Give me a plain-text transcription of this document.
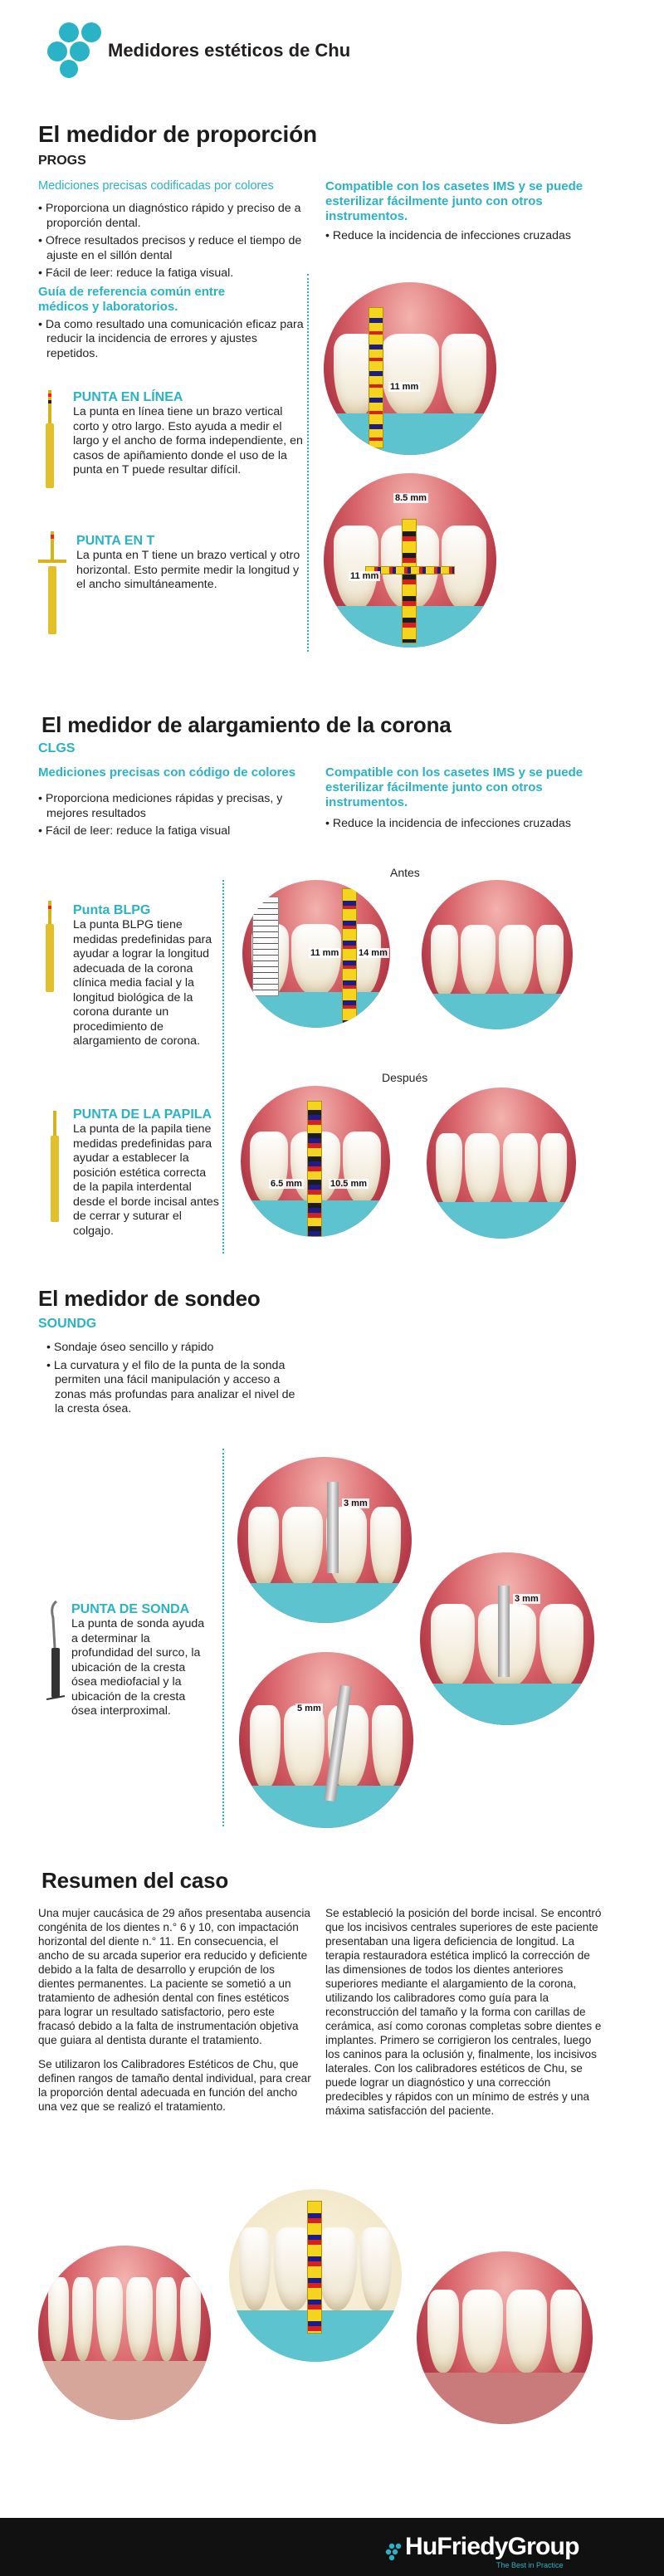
Medidores estéticos de Chu
El medidor de proporción
PROGS
Mediciones precisas codificadas por colores

• Proporciona un diagnóstico rápido y preciso de a proporción dental.

• Ofrece resultados precisos y reduce el tiempo de ajuste en el sillón dental

• Fácil de leer: reduce la fatiga visual.

Guía de referencia común entre médicos y laboratorios.

• Da como resultado una comunicación eficaz para reducir la incidencia de errores y ajustes repetidos.

Compatible con los casetes IMS y se puede esterilizar fácilmente junto con otros instrumentos.

• Reduce la incidencia de infecciones cruzadas

PUNTA EN LÍNEA
La punta en línea tiene un brazo vertical corto y otro largo. Esto ayuda a medir el largo y el ancho de forma independiente, en casos de apiñamiento donde el uso de la punta en T puede resultar difícil.
PUNTA EN T
La punta en T tiene un brazo vertical y otro horizontal. Esto permite medir la longitud y el ancho simultáneamente.
11 mm
8.5 mm
11 mm
El medidor de alargamiento de la corona
CLGS
Mediciones precisas con código de colores

• Proporciona mediciones rápidas y precisas, y mejores resultados

• Fácil de leer: reduce la fatiga visual

Compatible con los casetes IMS y se puede esterilizar fácilmente junto con otros instrumentos.

• Reduce la incidencia de infecciones cruzadas

Antes
Después
Punta BLPG
La punta BLPG tiene medidas predefinidas para ayudar a lograr la longitud adecuada de la corona clínica media facial y la longitud biológica de la corona durante un procedimiento de alargamiento de corona.
PUNTA DE LA PAPILA
La punta de la papila tiene medidas predefinidas para ayudar a establecer la posición estética correcta de la papila interdental desde el borde incisal antes de cerrar y suturar el colgajo.
11 mm 14 mm
6.5 mm	10.5 mm
El medidor de sondeo
SOUNDG

• Sondaje óseo sencillo y rápido

• La curvatura y el filo de la punta de la sonda permiten una fácil manipulación y acceso a zonas más profundas para analizar el nivel de la cresta ósea.

PUNTA DE SONDA
La punta de sonda ayuda a determinar la profundidad del surco, la ubicación de la cresta ósea mediofacial y la ubicación de la cresta ósea interproximal.
3 mm
3 mm
5 mm
Resumen del caso

Una mujer caucásica de 29 años presentaba ausencia congénita de los dientes n.° 6 y 10, con impactación horizontal del diente n.° 11. En consecuencia, el ancho de su arcada superior era reducido y deficiente debido a la falta de desarrollo y erupción de los dientes permanentes. La paciente se sometió a un tratamiento de adhesión dental con fines estéticos para lograr un resultado satisfactorio, pero este fracasó debido a la falta de instrumentación objetiva que guiara al dentista durante el tratamiento.

Se utilizaron los Calibradores Estéticos de Chu, que definen rangos de tamaño dental individual, para crear la proporción dental adecuada en función del ancho una vez que se realizó el tratamiento.

Se estableció la posición del borde incisal. Se encontró que los incisivos centrales superiores de este paciente presentaban una ligera deficiencia de longitud. La terapia restauradora estética implicó la corrección de las dimensiones de todos los dientes anteriores superiores mediante el alargamiento de la corona, utilizando los calibradores como guía para la reconstrucción del tamaño y la forma con carillas de cerámica, así como coronas completas sobre dientes e implantes. Primero se corrigieron los centrales, luego los caninos para la oclusión y, finalmente, los incisivos laterales. Con los calibradores estéticos de Chu, se puede lograr un diagnóstico y una corrección predecibles y rápidos con un mínimo de estrés y una máxima satisfacción del paciente.

HuFriedyGroup
The Best in Practice
